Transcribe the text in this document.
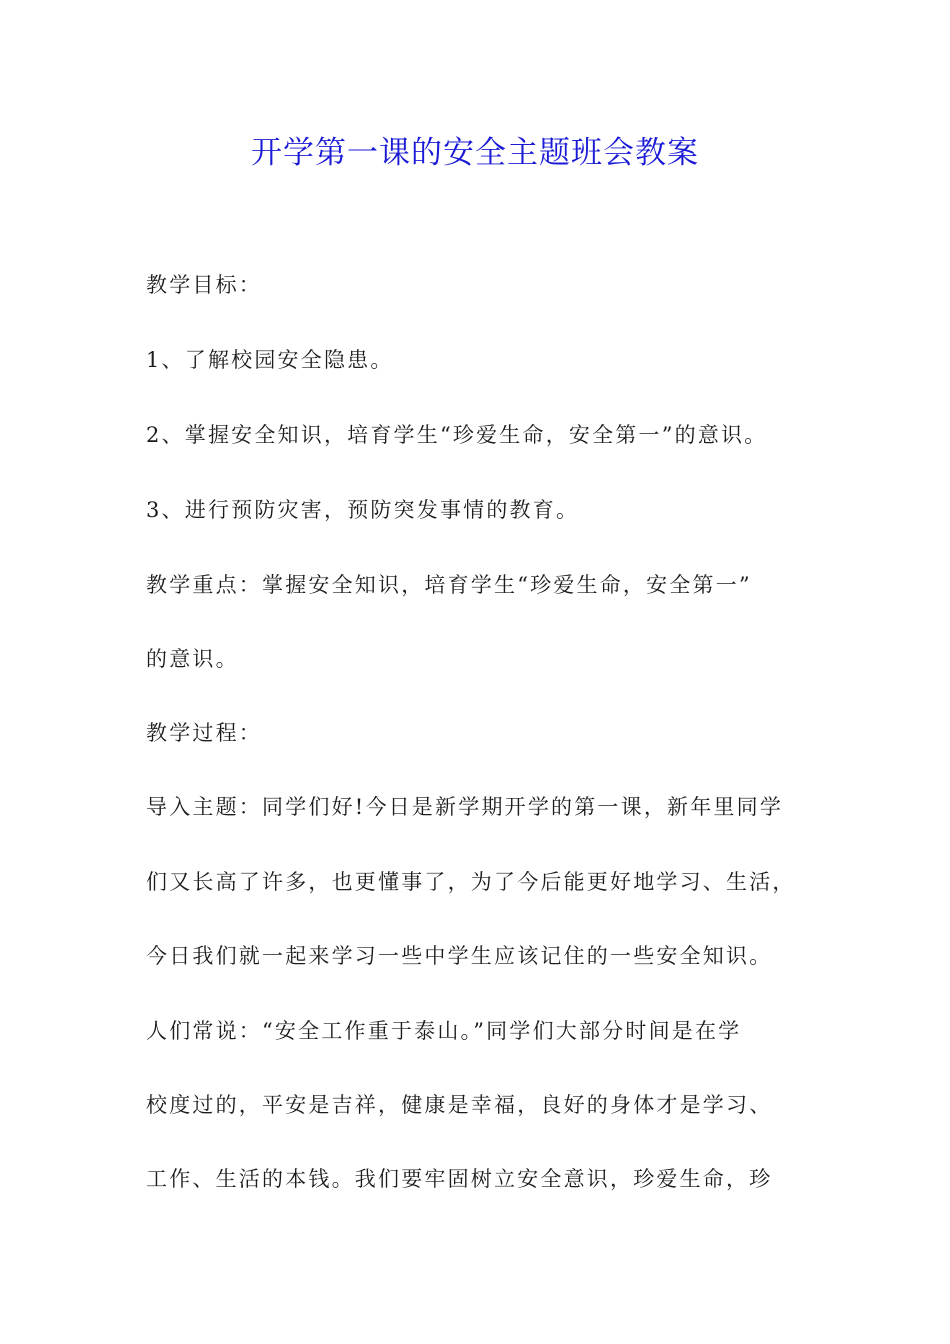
开学第一课的安全主题班会教案
教学目标：
1、了解校园安全隐患。
2、掌握安全知识，培育学生“珍爱生命，安全第一”的意识。
3、进行预防灾害，预防突发事情的教育。
教学重点：掌握安全知识，培育学生“珍爱生命，安全第一”
的意识。
教学过程：
导入主题：同学们好!今日是新学期开学的第一课，新年里同学
们又长高了许多，也更懂事了，为了今后能更好地学习、生活，
今日我们就一起来学习一些中学生应该记住的一些安全知识。
人们常说：“安全工作重于泰山。”同学们大部分时间是在学
校度过的，平安是吉祥，健康是幸福，良好的身体才是学习、
工作、生活的本钱。我们要牢固树立安全意识，珍爱生命，珍
